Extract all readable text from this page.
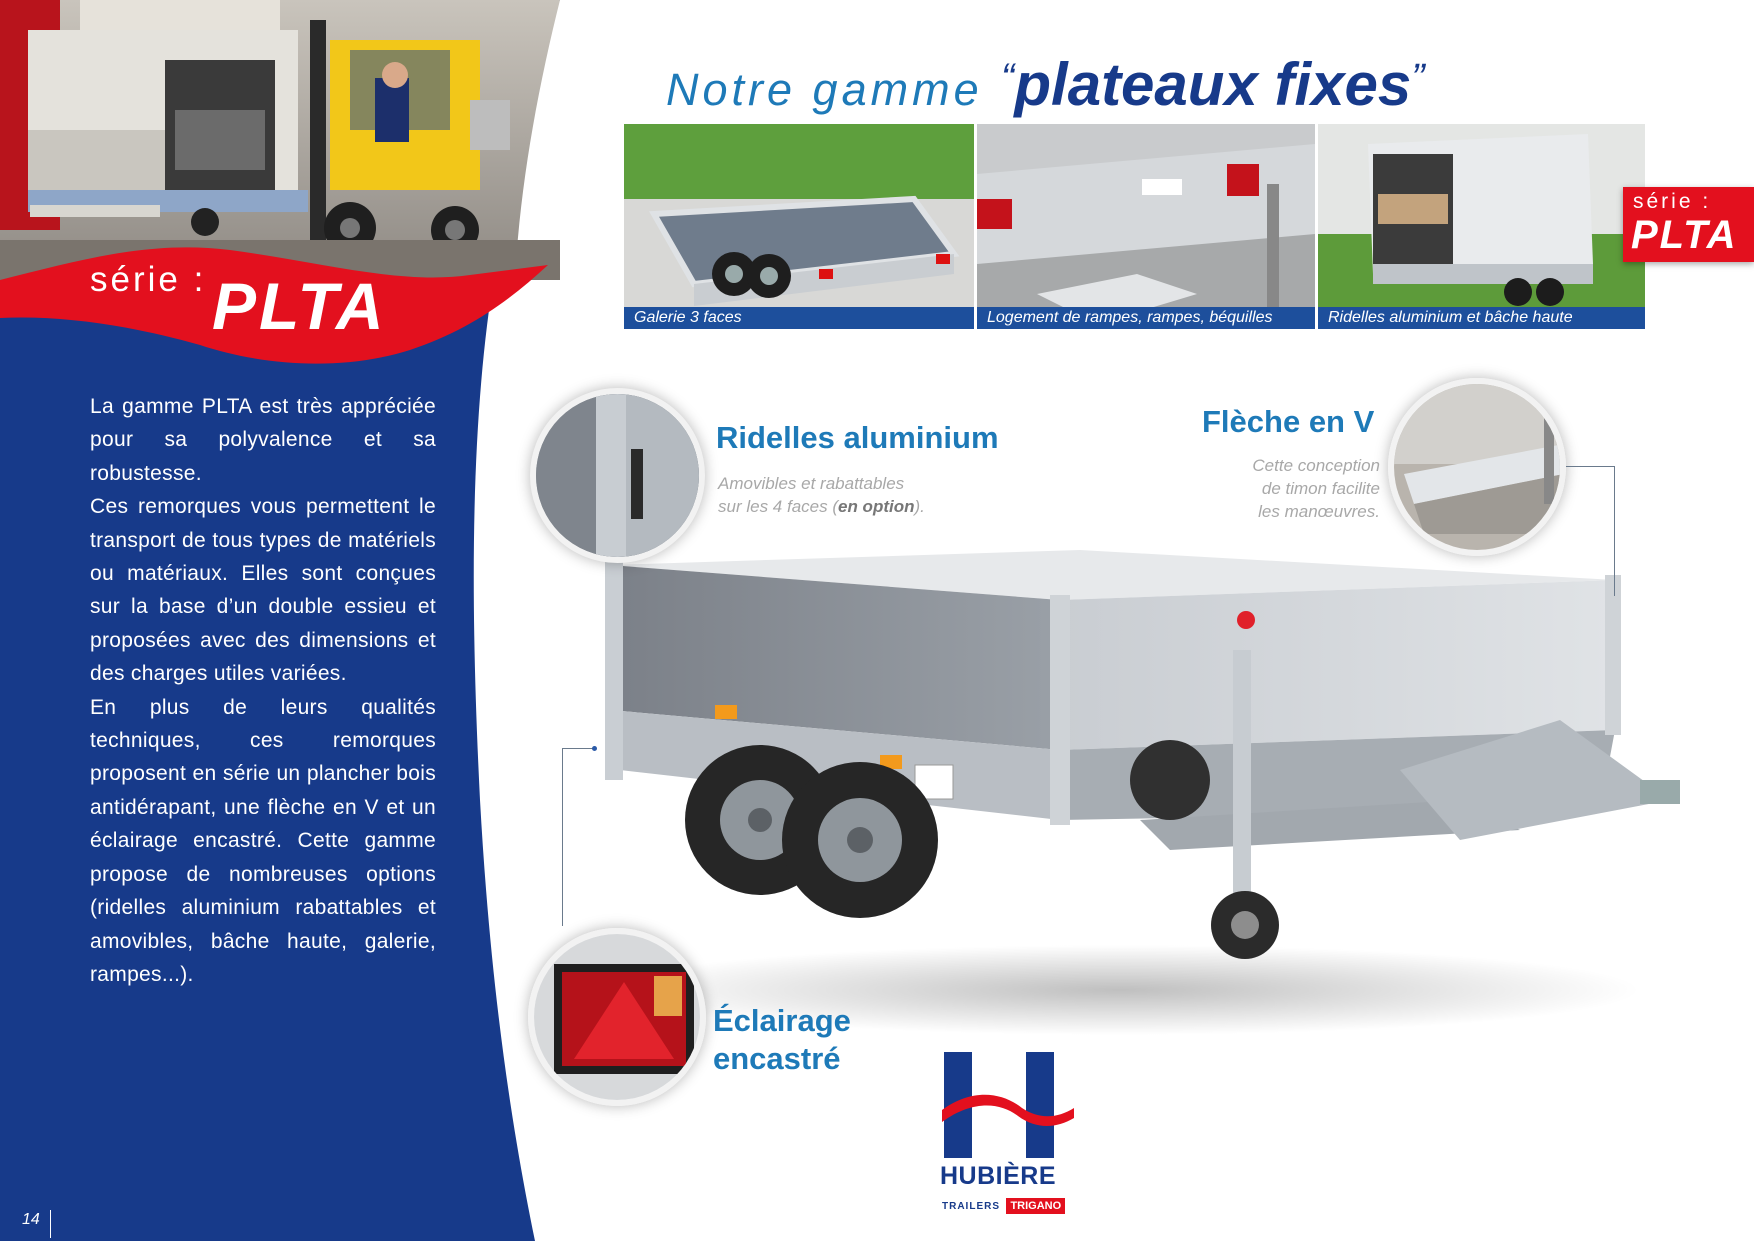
série : PLTA

La gamme PLTA est très appréciée pour sa polyvalence et sa robustesse.

Ces remorques vous permettent le transport de tous types de matériels ou matériaux. Elles sont conçues sur la base d’un double essieu et proposées avec des dimensions et des charges utiles variées.

En plus de leurs qualités techniques, ces remorques proposent en série un plancher bois antidérapant, une flèche en V et un éclairage encastré. Cette gamme propose de nombreuses options (ridelles aluminium rabattables et amovibles, bâche haute, galerie, rampes...).

14
Notre gamme “plateaux fixes”
Galerie 3 faces	Logement de rampes, rampes, béquilles	Ridelles aluminium et bâche haute
série :
PLTA
Ridelles aluminium
Amovibles et rabattables
sur les 4 faces (en option).
Flèche en V
Cette conception
de timon facilite
les manœuvres.
Éclairage
encastré
HUBIÈRE
TRAILERS TRIGANO
